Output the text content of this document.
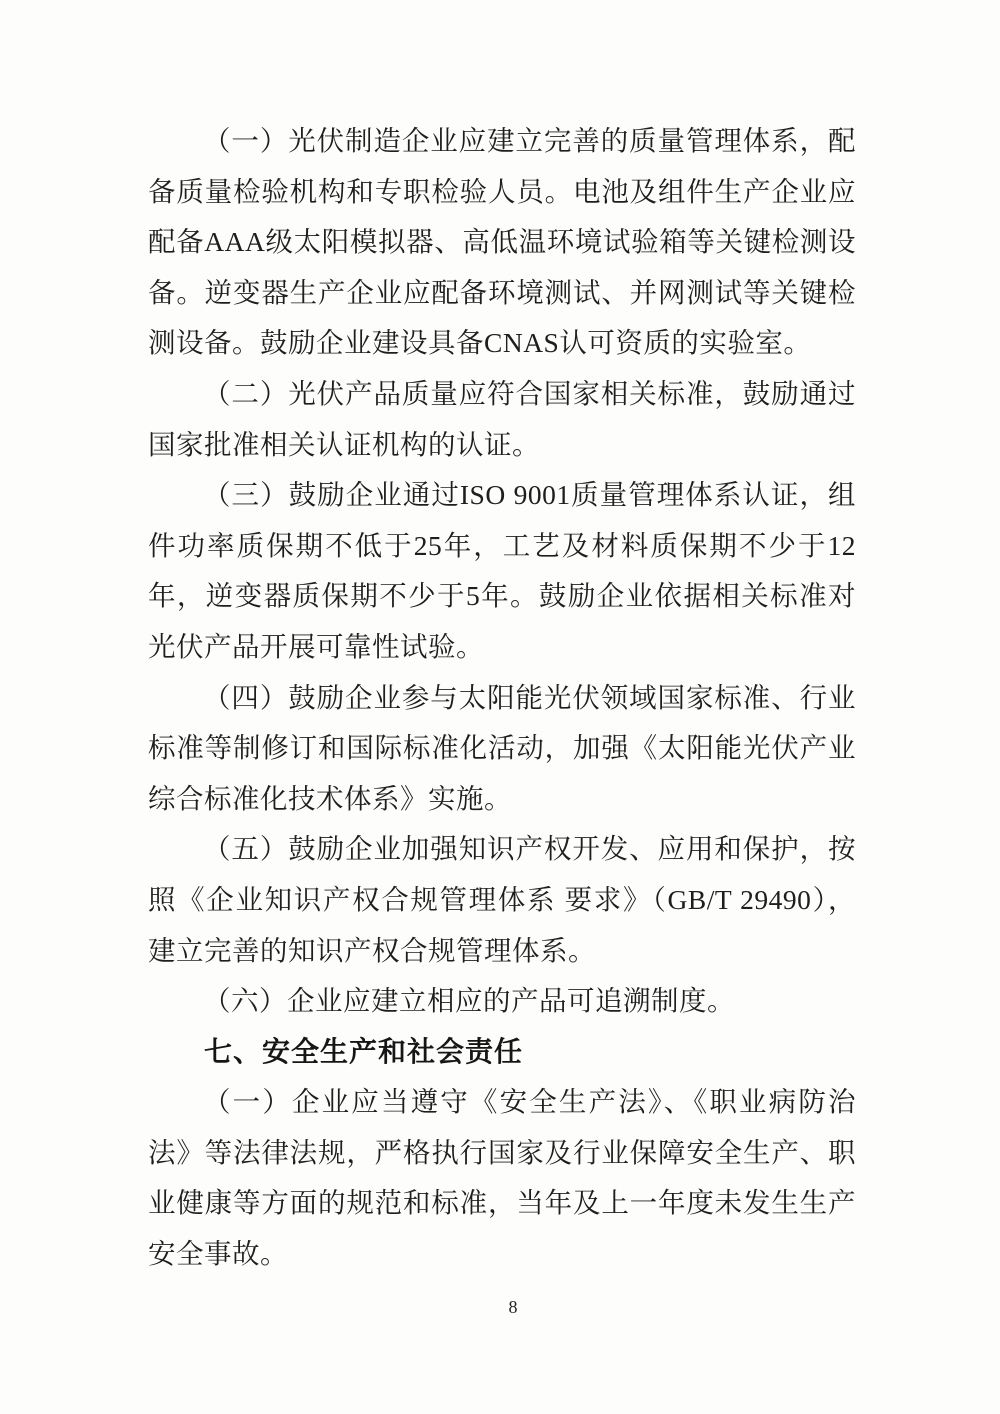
（一）光伏制造企业应建立完善的质量管理体系，配备质量检验机构和专职检验人员。电池及组件生产企业应配备AAA级太阳模拟器、高低温环境试验箱等关键检测设备。逆变器生产企业应配备环境测试、并网测试等关键检测设备。鼓励企业建设具备CNAS认可资质的实验室。

（二）光伏产品质量应符合国家相关标准，鼓励通过国家批准相关认证机构的认证。

（三）鼓励企业通过ISO 9001质量管理体系认证，组件功率质保期不低于25年，工艺及材料质保期不少于12年，逆变器质保期不少于5年。鼓励企业依据相关标准对光伏产品开展可靠性试验。

（四）鼓励企业参与太阳能光伏领域国家标准、行业标准等制修订和国际标准化活动，加强《太阳能光伏产业综合标准化技术体系》实施。

（五）鼓励企业加强知识产权开发、应用和保护，按照《企业知识产权合规管理体系 要求》（GB/T 29490），建立完善的知识产权合规管理体系。

（六）企业应建立相应的产品可追溯制度。

七、安全生产和社会责任

（一）企业应当遵守《安全生产法》、《职业病防治法》等法律法规，严格执行国家及行业保障安全生产、职业健康等方面的规范和标准，当年及上一年度未发生生产安全事故。

8
